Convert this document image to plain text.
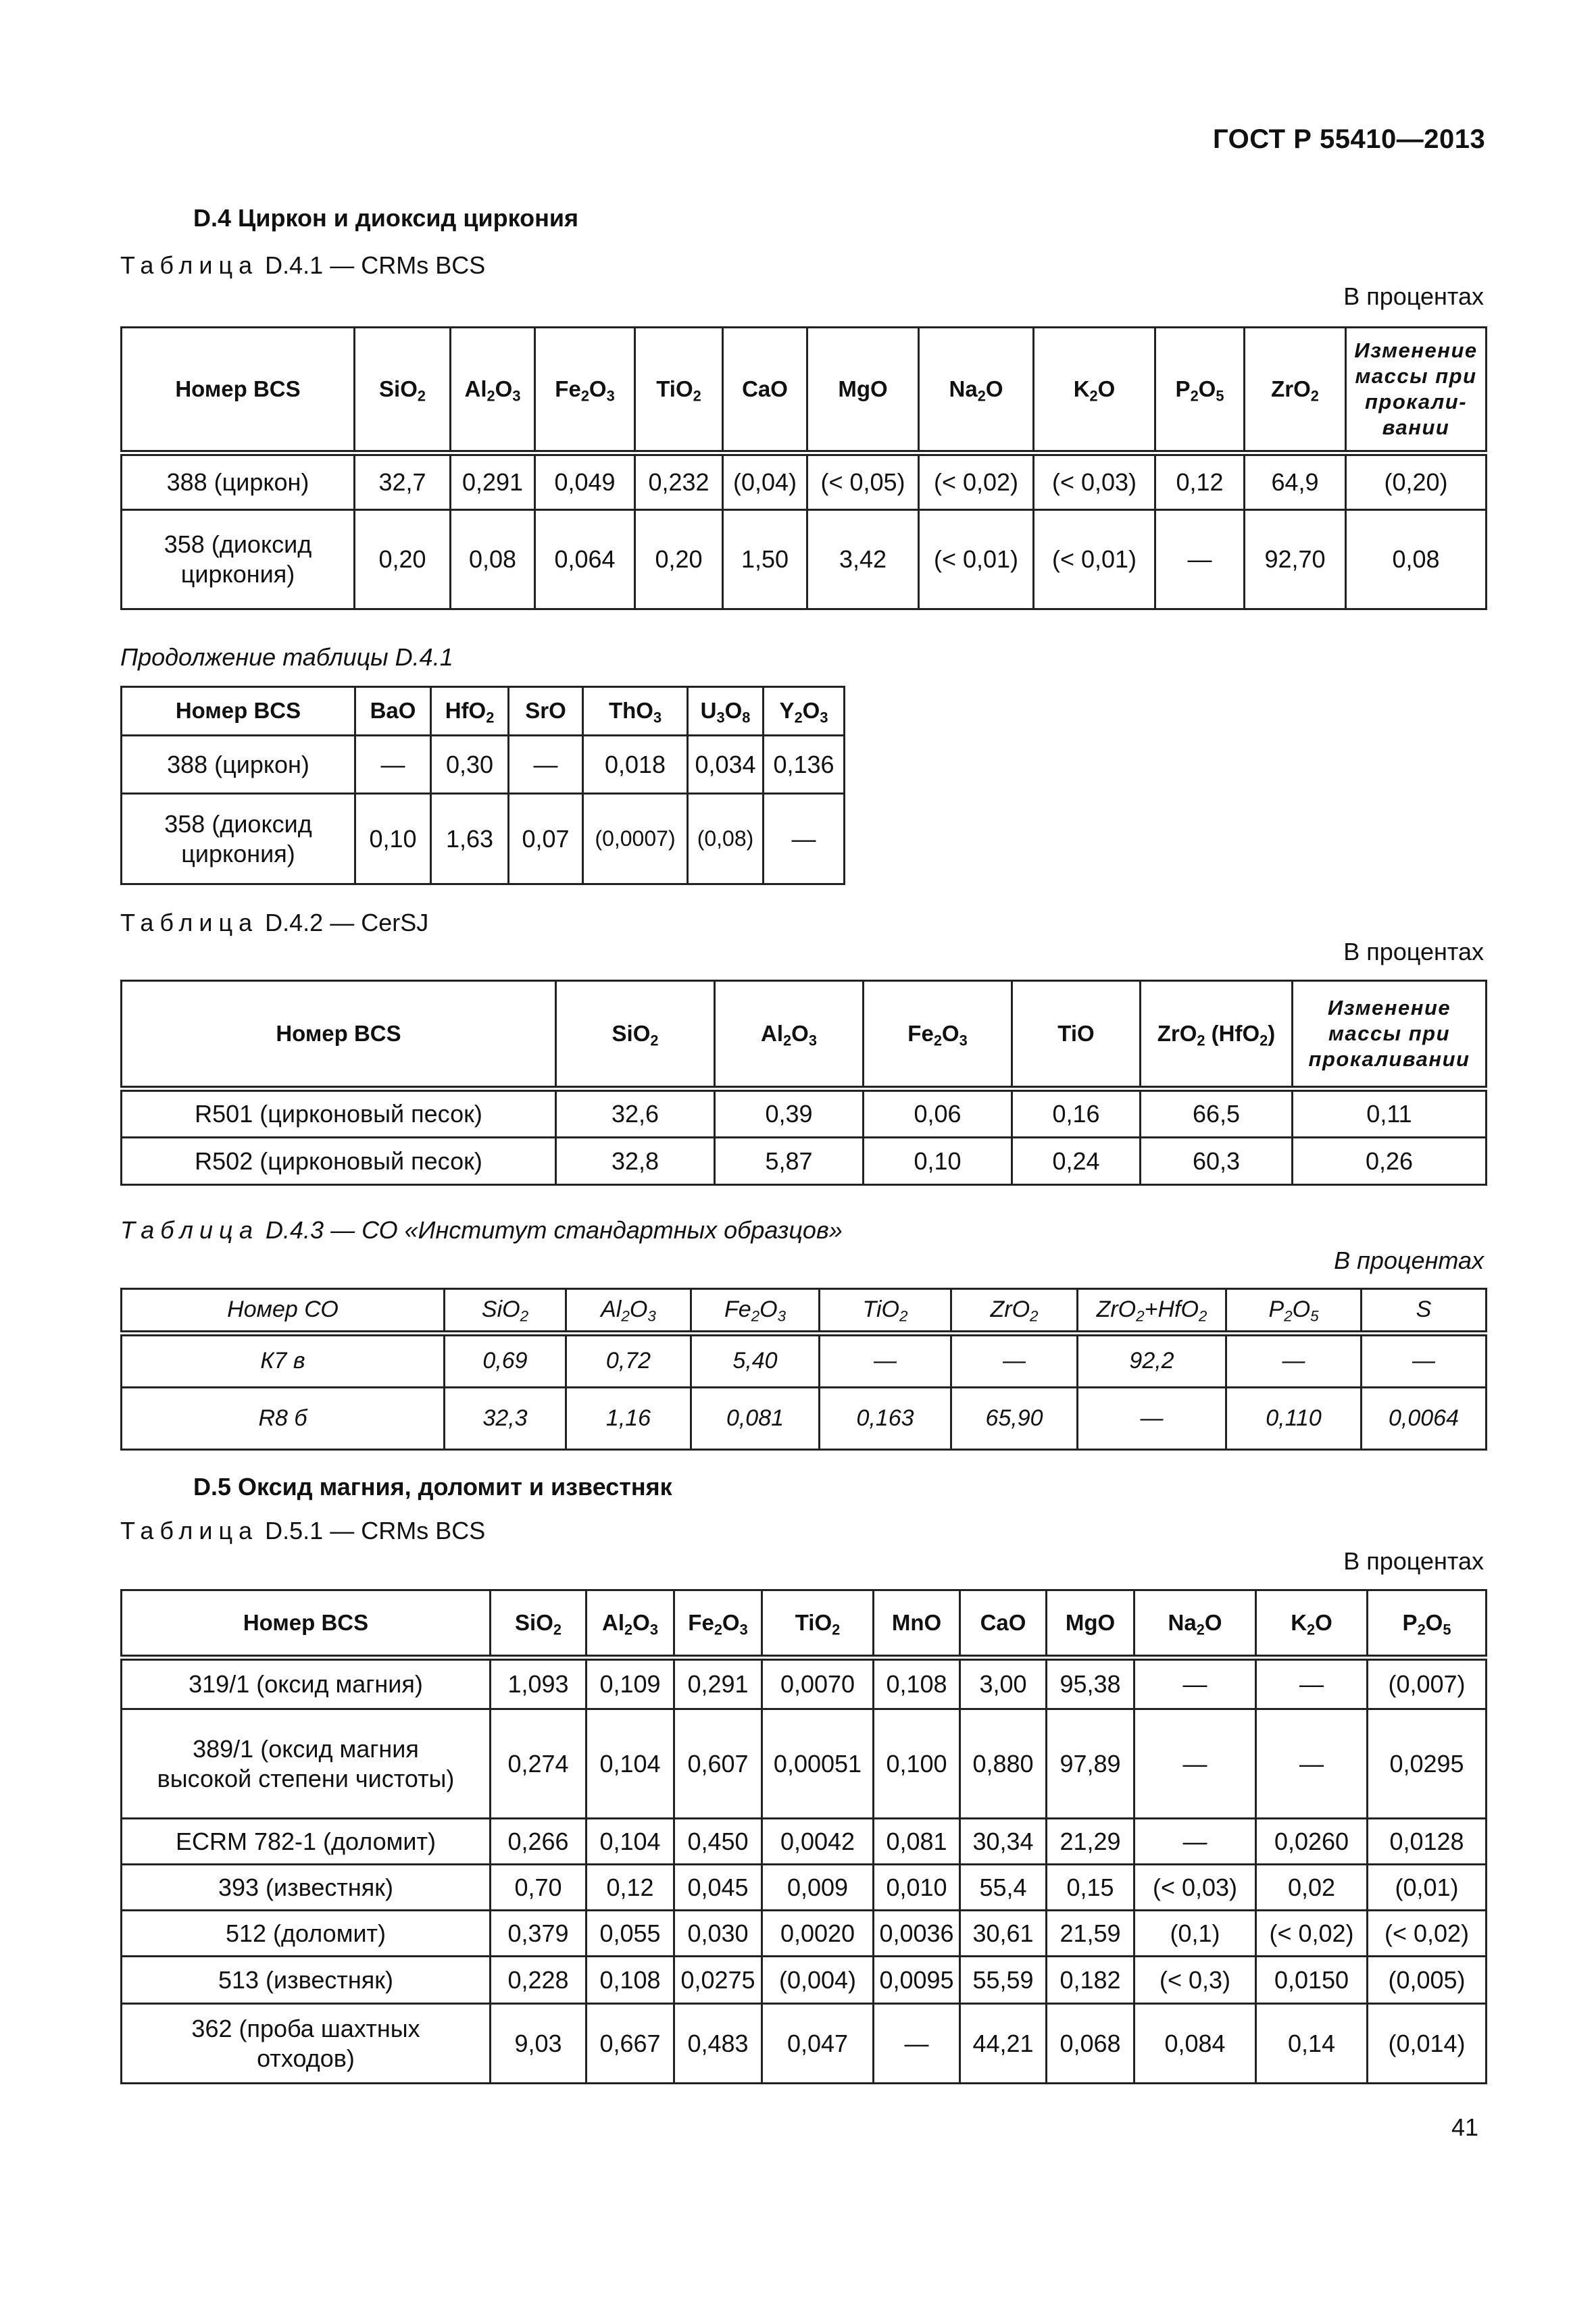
ГОСТ Р 55410—2013
D.4 Циркон и диоксид циркония
Таблица D.4.1 — CRMs BCS
В процентах
Номер BCS	SiO$_2$	$Al_2O_3$	$Fe_2O_3$	TiO$_2$	CaO	MgO	$Na_2O$	$K_2O$	$P_2O_5$	ZrO$_2$	Изменение
массы при
прокали-
вании
388 (циркон)	32,7	0,291	0,049	0,232	(0,04)	(< 0,05)	(< 0,02)	(< 0,03)	0,12	64,9	(0,20)
358 (диоксид циркония)	0,20	0,08	0,064	0,20	1,50	3,42	(< 0,01)	(< 0,01)	—	92,70	0,08
Продолжение таблицы D.4.1
Номер BCS	BaO	HfO$_2$	SrO	ThO$_3$	$U_3O_8$	$Y_2O_3$
388 (циркон)	—	0,30	—	0,018	0,034	0,136
358 (диоксид циркония)	0,10	1,63	0,07	(0,0007)	(0,08)	—
Таблица D.4.2 — CerSJ
В процентах
Номер BCS	SiO$_2$	$Al_2O_3$	$Fe_2O_3$	TiO	ZrO$_2$ (HfO$_2$)	Изменение
массы при
прокаливании
R501 (цирконовый песок)	32,6	0,39	0,06	0,16	66,5	0,11
R502 (цирконовый песок)	32,8	5,87	0,10	0,24	60,3	0,26
Таблица D.4.3 — СО «Институт стандартных образцов»
В процентах
Номер СО	SiO$_2$	$Al_2O_3$	$Fe_2O_3$	TiO$_2$	ZrO$_2$	ZrO$_2$+HfO$_2$	$P_2O_5$	S
К7 в	0,69	0,72	5,40	—	—	92,2	—	—
R8 б	32,3	1,16	0,081	0,163	65,90	—	0,110	0,0064
D.5 Оксид магния, доломит и известняк
Таблица D.5.1 — CRMs BCS
В процентах
Номер BCS	SiO$_2$	$Al_2O_3$	$Fe_2O_3$	TiO$_2$	MnO	CaO	MgO	$Na_2O$	$K_2O$	$P_2O_5$
319/1 (оксид магния)	1,093	0,109	0,291	0,0070	0,108	3,00	95,38	—	—	(0,007)
389/1 (оксид магния высокой степени чистоты)	0,274	0,104	0,607	0,00051	0,100	0,880	97,89	—	—	0,0295
ECRM 782-1 (доломит)	0,266	0,104	0,450	0,0042	0,081	30,34	21,29	—	0,0260	0,0128
393 (известняк)	0,70	0,12	0,045	0,009	0,010	55,4	0,15	(< 0,03)	0,02	(0,01)
512 (доломит)	0,379	0,055	0,030	0,0020	0,0036	30,61	21,59	(0,1)	(< 0,02)	(< 0,02)
513 (известняк)	0,228	0,108	0,0275	(0,004)	0,0095	55,59	0,182	(< 0,3)	0,0150	(0,005)
362 (проба шахтных отходов)	9,03	0,667	0,483	0,047	—	44,21	0,068	0,084	0,14	(0,014)
41
